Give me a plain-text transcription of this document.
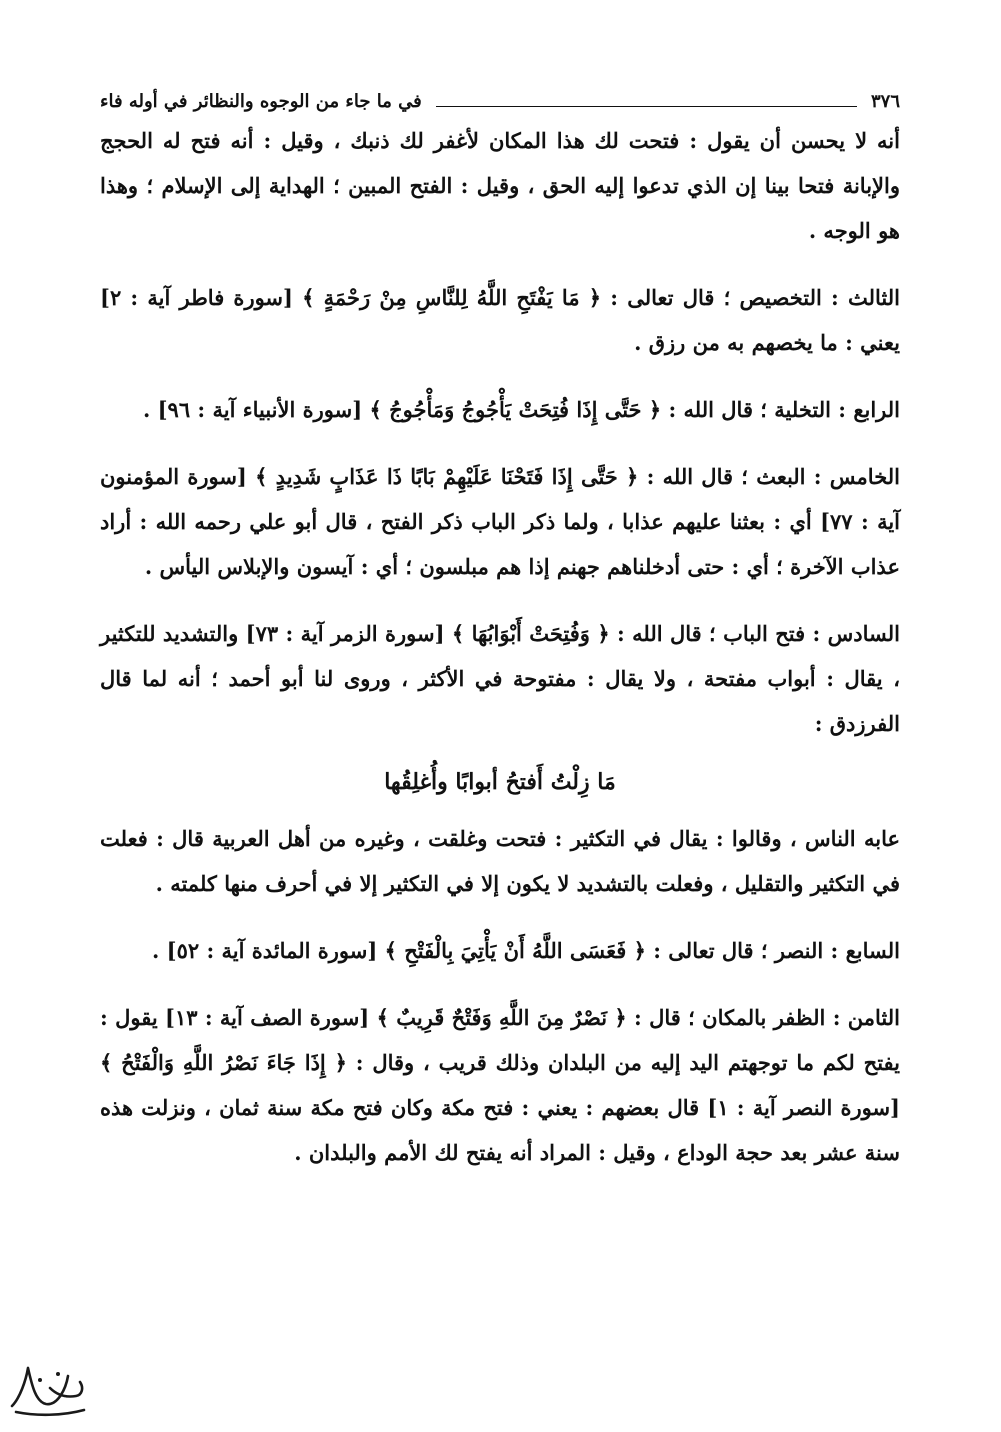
٣٧٦
في ما جاء من الوجوه والنظائر في أوله فاء

أنه لا يحسن أن يقول : فتحت لك هذا المكان لأغفر لك ذنبك ، وقيل : أنه فتح له الحجج والإبانة فتحا بينا إن الذي تدعوا إليه الحق ، وقيل : الفتح المبين ؛ الهداية إلى الإسلام ؛ وهذا هو الوجه .

الثالث : التخصيص ؛ قال تعالى : ﴿ مَا يَفْتَحِ اللَّهُ لِلنَّاسِ مِنْ رَحْمَةٍ ﴾ [سورة فاطر آية : ٢] يعني : ما يخصهم به من رزق .

الرابع : التخلية ؛ قال الله : ﴿ حَتَّى إِذَا فُتِحَتْ يَأْجُوجُ وَمَأْجُوجُ ﴾ [سورة الأنبياء آية : ٩٦] .

الخامس : البعث ؛ قال الله : ﴿ حَتَّى إِذَا فَتَحْنَا عَلَيْهِمْ بَابًا ذَا عَذَابٍ شَدِيدٍ ﴾ [سورة المؤمنون آية : ٧٧] أي : بعثنا عليهم عذابا ، ولما ذكر الباب ذكر الفتح ، قال أبو علي رحمه الله : أراد عذاب الآخرة ؛ أي : حتى أدخلناهم جهنم إذا هم مبلسون ؛ أي : آيسون والإبلاس اليأس .

السادس : فتح الباب ؛ قال الله : ﴿ وَفُتِحَتْ أَبْوَابُهَا ﴾ [سورة الزمر آية : ٧٣] والتشديد للتكثير ، يقال : أبواب مفتحة ، ولا يقال : مفتوحة في الأكثر ، وروى لنا أبو أحمد ؛ أنه لما قال الفرزدق :

مَا زِلْتُ أَفتحُ أبوابًا وأُغلِقُها

عابه الناس ، وقالوا : يقال في التكثير : فتحت وغلقت ، وغيره من أهل العربية قال : فعلت في التكثير والتقليل ، وفعلت بالتشديد لا يكون إلا في التكثير إلا في أحرف منها كلمته .

السابع : النصر ؛ قال تعالى : ﴿ فَعَسَى اللَّهُ أَنْ يَأْتِيَ بِالْفَتْحِ ﴾ [سورة المائدة آية : ٥٢] .

الثامن : الظفر بالمكان ؛ قال : ﴿ نَصْرٌ مِنَ اللَّهِ وَفَتْحٌ قَرِيبٌ ﴾ [سورة الصف آية : ١٣] يقول : يفتح لكم ما توجهتم اليد إليه من البلدان وذلك قريب ، وقال : ﴿ إِذَا جَاءَ نَصْرُ اللَّهِ وَالْفَتْحُ ﴾ [سورة النصر آية : ١] قال بعضهم : يعني : فتح مكة وكان فتح مكة سنة ثمان ، ونزلت هذه سنة عشر بعد حجة الوداع ، وقيل : المراد أنه يفتح لك الأمم والبلدان .
